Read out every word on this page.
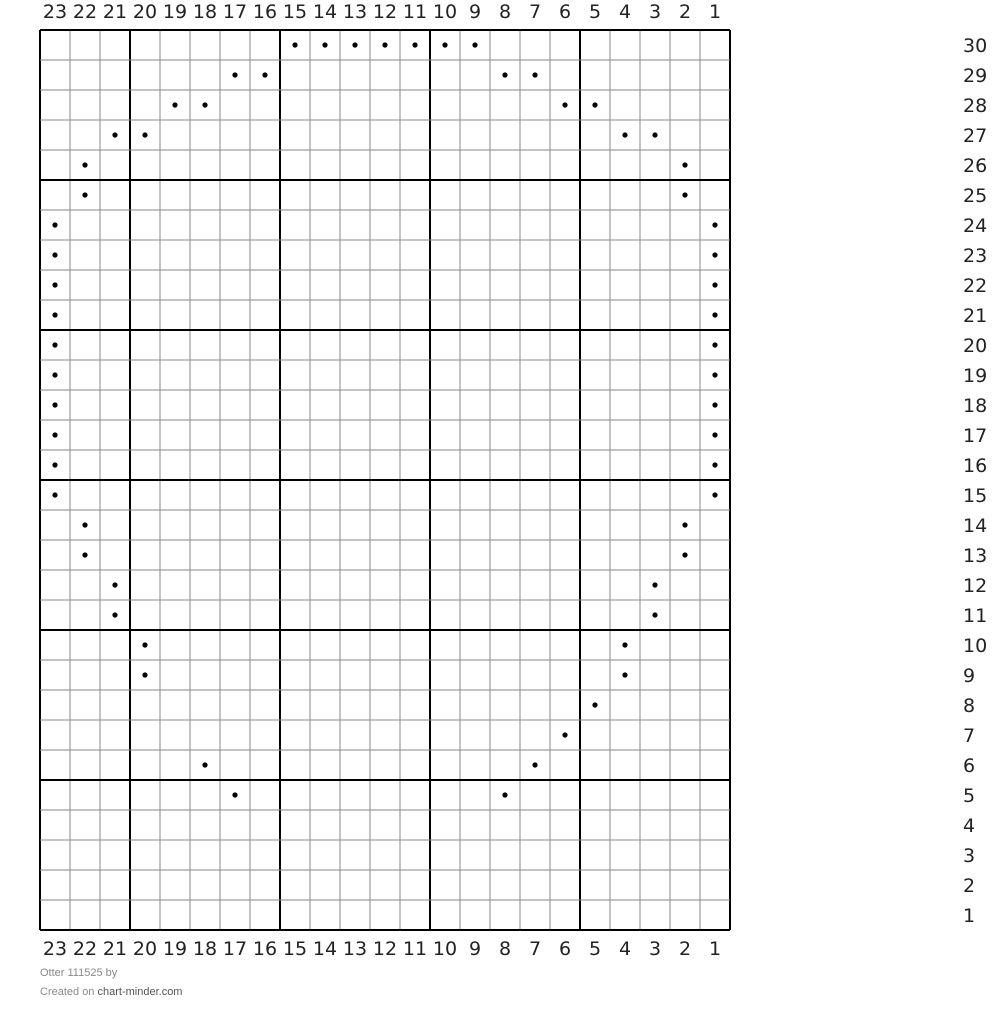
23
23
22
22
21
21
20
20
19
19
18
18
17
17
16
16
15
15
14
14
13
13
12
12
11
11
10
10
9
9
8
8
7
7
6
6
5
5
4
4
3
3
2
2
1
1
30
29
28
27
26
25
24
23
22
21
20
19
18
17
16
15
14
13
12
11
10
9
8
7
6
5
4
3
2
1
Otter 111525 by
Created on chart-minder.com
